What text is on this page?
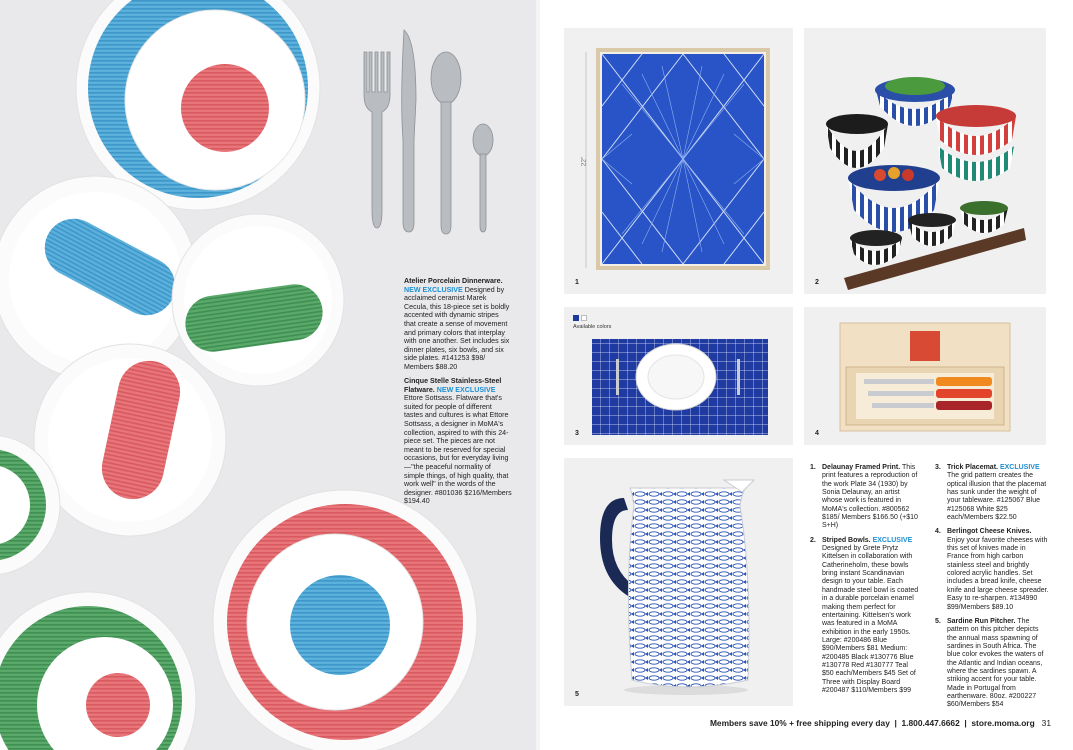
Atelier Porcelain Dinnerware.
NEW EXCLUSIVE Designed by acclaimed ceramist Marek Cecula, this 18-piece set is boldly accented with dynamic stripes that create a sense of movement and primary colors that interplay with one another. Set includes six dinner plates, six bowls, and six side plates. #141253 $98/ Members $88.20
Cinque Stelle Stainless-Steel Flatware. NEW EXCLUSIVE Ettore Sottsass. Flatware that's suited for people of different tastes and cultures is what Ettore Sottsass, a designer in MoMA's collection, aspired to with this 24-piece set. The pieces are not meant to be reserved for special occasions, but for everyday living—"the peaceful normality of simple things, of high quality, that work well" in the words of the designer. #801036 $216/Members $194.40
22"
1	2
Available colors
3	4
5
1. Delaunay Framed Print. This print features a reproduction of the work Plate 34 (1930) by Sonia Delaunay, an artist whose work is featured in MoMA's collection. #800562 $185/ Members $166.50 (+$10 S+H)
2. Striped Bowls. EXCLUSIVE Designed by Grete Prytz Kittelsen in collaboration with Catherineholm, these bowls bring instant Scandinavian design to your table. Each handmade steel bowl is coated in a durable porcelain enamel making them perfect for entertaining. Kittelsen's work was featured in a MoMA exhibition in the early 1950s. Large: #200486 Blue $90/Members $81 Medium: #200485 Black #130776 Blue #130778 Red #130777 Teal $50 each/Members $45 Set of Three with Display Board #200487 $110/Members $99
3. Trick Placemat. EXCLUSIVE The grid pattern creates the optical illusion that the placemat has sunk under the weight of your tableware. #125067 Blue #125068 White $25 each/Members $22.50
4. Berlingot Cheese Knives. Enjoy your favorite cheeses with this set of knives made in France from high carbon stainless steel and brightly colored acrylic handles. Set includes a bread knife, cheese knife and large cheese spreader. Easy to re-sharpen. #134990 $99/Members $89.10
5. Sardine Run Pitcher. The pattern on this pitcher depicts the annual mass spawning of sardines in South Africa. The blue color evokes the waters of the Atlantic and Indian oceans, where the sardines spawn. A striking accent for your table. Made in Portugal from earthenware. 80oz. #200227 $60/Members $54
Members save 10% + free shipping every day | 1.800.447.6662 | store.moma.org 31
